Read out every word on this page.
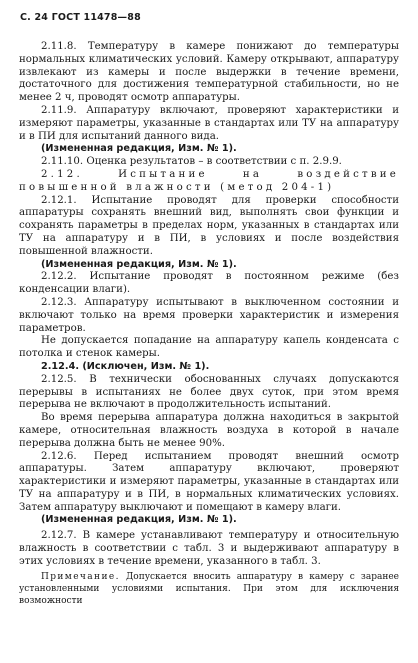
С. 24 ГОСТ 11478—88

2.11.8. Температуру в камере понижают до температуры нормальных климатических условий. Камеру открывают, аппаратуру извлекают из камеры и после выдержки в течение времени, достаточного для достижения температурной стабильности, но не менее 2 ч, проводят осмотр аппаратуры.

2.11.9. Аппаратуру включают, проверяют характеристики и измеряют параметры, указанные в стандартах или ТУ на аппаратуру и в ПИ для испытаний данного вида.

(Измененная редакция, Изм. № 1).

2.11.10. Оценка результатов – в соответствии с п. 2.9.9.

2.12. Испытание на воздействие повышенной влажности (метод 204-1)

2.12.1. Испытание проводят для проверки способности аппаратуры сохранять внешний вид, выполнять свои функции и сохранять параметры в пределах норм, указанных в стандартах или ТУ на аппаратуру и в ПИ, в условиях и после воздействия повышенной влажности.

(Измененная редакция, Изм. № 1).

2.12.2. Испытание проводят в постоянном режиме (без конденсации влаги).

2.12.3. Аппаратуру испытывают в выключенном состоянии и включают только на время проверки характеристик и измерения параметров.

Не допускается попадание на аппаратуру капель конденсата с потолка и стенок камеры.

2.12.4. (Исключен, Изм. № 1).

2.12.5. В технически обоснованных случаях допускаются перерывы в испытаниях не более двух суток, при этом время перерыва не включают в продолжительность испытаний.

Во время перерыва аппаратура должна находиться в закрытой камере, относительная влажность воздуха в которой в начале перерыва должна быть не менее 90%.

2.12.6. Перед испытанием проводят внешний осмотр аппаратуры. Затем аппаратуру включают, проверяют характеристики и измеряют параметры, указанные в стандартах или ТУ на аппаратуру и в ПИ, в нормальных климатических условиях. Затем аппаратуру выключают и помещают в камеру влаги.

(Измененная редакция, Изм. № 1).

2.12.7. В камере устанавливают температуру и относительную влажность в соответствии с табл. 3 и выдерживают аппаратуру в этих условиях в течение времени, указанного в табл. 3.

Примечание. Допускается вносить аппаратуру в камеру с заранее установленными условиями испытания. При этом для исключения возможности
